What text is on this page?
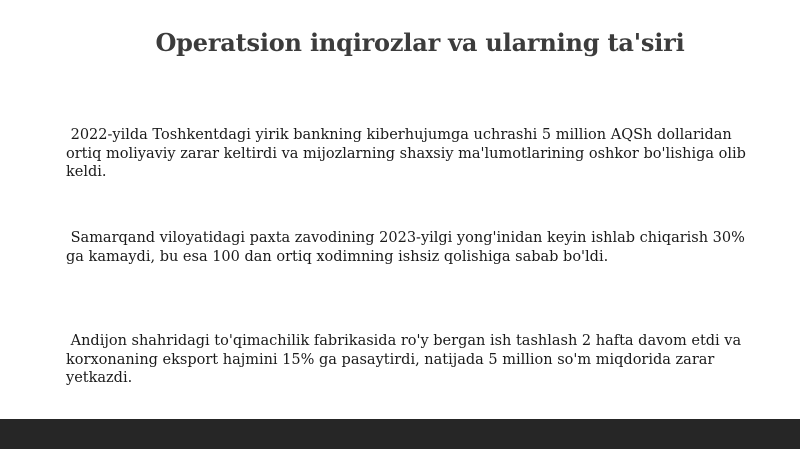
Operatsion inqirozlar va ularning ta'siri

2022-yilda Toshkentdagi yirik bankning kiberhujumga uchrashi 5 million AQSh dollaridan ortiq moliyaviy zarar keltirdi va mijozlarning shaxsiy ma'lumotlarining oshkor bo'lishiga olib keldi.

Samarqand viloyatidagi paxta zavodining 2023-yilgi yong'inidan keyin ishlab chiqarish 30% ga kamaydi, bu esa 100 dan ortiq xodimning ishsiz qolishiga sabab bo'ldi.

Andijon shahridagi to'qimachilik fabrikasida ro'y bergan ish tashlash 2 hafta davom etdi va korxonaning eksport hajmini 15% ga pasaytirdi, natijada 5 million so'm miqdorida zarar yetkazdi.
